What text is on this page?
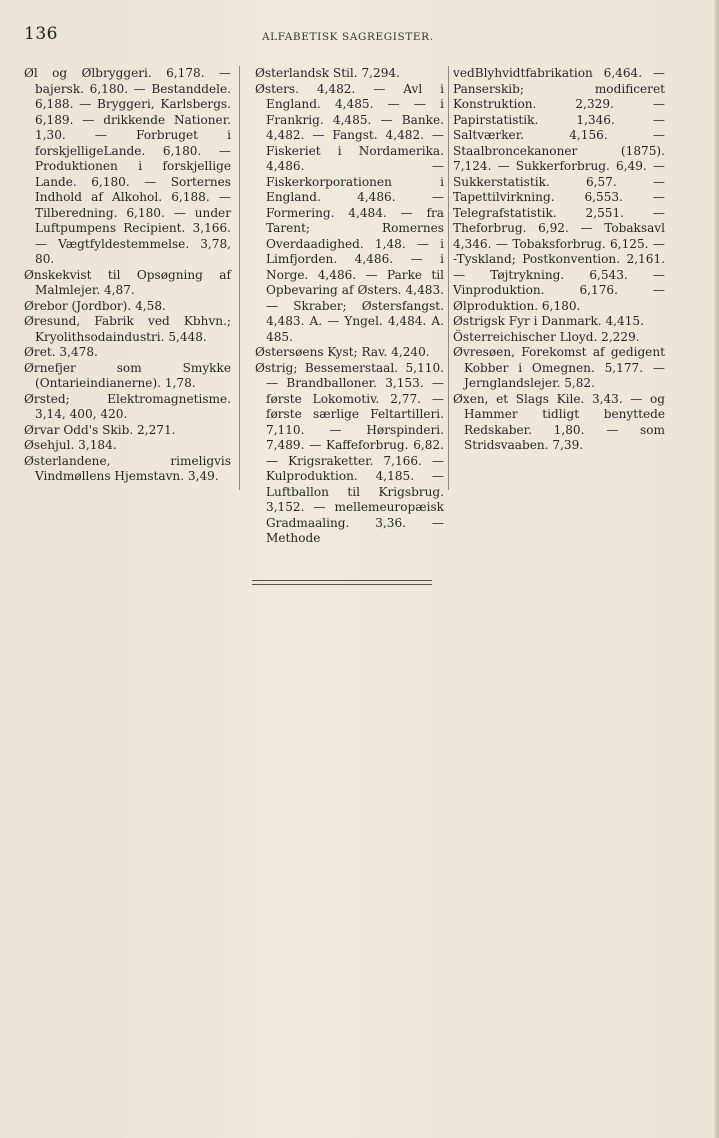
136	ALFABETISK SAGREGISTER.

Øl og Ølbryggeri. 6,178. — bajersk. 6,180. — Bestanddele. 6,188. — Bryggeri, Karlsbergs. 6,189. — drikkende Nationer. 1,30. — Forbruget i forskjelligeLande. 6,180. — Produktionen i forskjellige Lande. 6,180. — Sorternes Indhold af Alkohol. 6,188. — Tilberedning. 6,180. — under Luftpumpens Recipient. 3,166. — Vægtfyldestemmelse. 3,78, 80.

Ønskekvist til Opsøgning af Malmlejer. 4,87.

Ørebor (Jordbor). 4,58.

Øresund, Fabrik ved Kbhvn.; Kryolithsodaindustri. 5,448.

Øret. 3,478.

Ørnefjer som Smykke (Ontarieindianerne). 1,78.

Ørsted; Elektromagnetisme. 3,14, 400, 420.

Ørvar Odd's Skib. 2,271.

Øsehjul. 3,184.

Østerlandene, rimeligvis Vindmøllens Hjemstavn. 3,49.

Østerlandsk Stil. 7,294.

Østers. 4,482. — Avl i England. 4,485. — — i Frankrig. 4,485. — Banke. 4,482. — Fangst. 4,482. — Fiskeriet i Nordamerika. 4,486. — Fiskerkorporationen i England. 4,486. — Formering. 4,484. — fra Tarent; Romernes Overdaadighed. 1,48. — i Limfjorden. 4,486. — i Norge. 4,486. — Parke til Opbevaring af Østers. 4,483. — Skraber; Østersfangst. 4,483. A. — Yngel. 4,484. A. 485.

Østersøens Kyst; Rav. 4,240.

Østrig; Bessemerstaal. 5,110. — Brandballoner. 3,153. — første Lokomotiv. 2,77. — første særlige Feltartilleri. 7,110. — Hørspinderi. 7,489. — Kaffeforbrug. 6,82. — Krigsraketter. 7,166. — Kulproduktion. 4,185. — Luftballon til Krigsbrug. 3,152. — mellemeuropæisk Gradmaaling. 3,36. — Methode

vedBlyhvidtfabrikation 6,464. — Panserskib; modificeret Konstruktion. 2,329. — Papirstatistik. 1,346. — Saltværker. 4,156. — Staalbroncekanoner (1875). 7,124. — Sukkerforbrug. 6,49. — Sukkerstatistik. 6,57. — Tapettilvirkning. 6,553. — Telegrafstatistik. 2,551. — Theforbrug. 6,92. — Tobaksavl 4,346. — Tobaksforbrug. 6,125. — -Tyskland; Postkonvention. 2,161. — Tøjtrykning. 6,543. — Vinproduktion. 6,176. — Ølproduktion. 6,180.

Østrigsk Fyr i Danmark. 4,415.

Österreichischer Lloyd. 2,229.

Øvresøen, Forekomst af gedigent Kobber i Omegnen. 5,177. — Jernglandslejer. 5,82.

Øxen, et Slags Kile. 3,43. — og Hammer tidligt benyttede Redskaber. 1,80. — som Stridsvaaben. 7,39.
